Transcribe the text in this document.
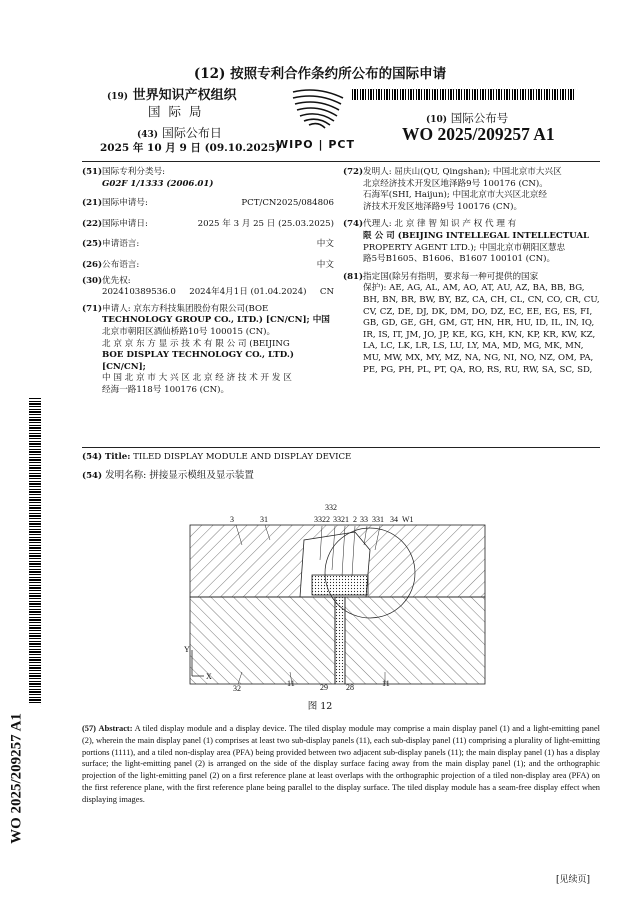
(12) 按照专利合作条约所公布的国际申请
(19) 世界知识产权组织
国 际 局
(43) 国际公布日
2025 年 10 月 9 日 (09.10.2025)
WIPO | PCT
(10) 国际公布号
WO 2025/209257 A1
(51) 国际专利分类号:
G02F 1/1333 (2006.01)
(21)国际申请号:	PCT/CN2025/084806
(22)国际申请日:	2025 年 3 月 25 日 (25.03.2025)
(25)申请语言:	中文
(26)公布语言:	中文
(30) 优先权:
202410389536.0 2024年4月1日 (01.04.2024) CN
(71) 申请人: 京东方科技集团股份有限公司(BOE
TECHNOLOGY GROUP CO., LTD.) [CN/CN]; 中国
北京市朝阳区酒仙桥路10号 100015 (CN)。
北 京 京 东 方 显 示 技 术 有 限 公 司 (BEIJING
BOE DISPLAY TECHNOLOGY CO., LTD.) [CN/CN];
中 国 北 京 市 大 兴 区 北 京 经 济 技 术 开 发 区
经海一路118号 100176 (CN)。
(72) 发明人: 屈庆山(QU, Qingshan); 中国北京市大兴区
北京经济技术开发区地泽路9号 100176 (CN)。
石海军(SHI, Haijun); 中国北京市大兴区北京经
济技术开发区地泽路9号 100176 (CN)。
(74) 代理人: 北 京 律 智 知 识 产 权 代 理 有
限 公 司 (BEIJING INTELLEGAL INTELLECTUAL
PROPERTY AGENT LTD.); 中国北京市朝阳区慧忠
路5号B1605、B1606、B1607 100101 (CN)。
(81) 指定国(除另有指明，要求每一种可提供的国家
保护): AE, AG, AL, AM, AO, AT, AU, AZ, BA, BB, BG,
BH, BN, BR, BW, BY, BZ, CA, CH, CL, CN, CO, CR, CU,
CV, CZ, DE, DJ, DK, DM, DO, DZ, EC, EE, EG, ES, FI,
GB, GD, GE, GH, GM, GT, HN, HR, HU, ID, IL, IN, IQ,
IR, IS, IT, JM, JO, JP, KE, KG, KH, KN, KP, KR, KW, KZ,
LA, LC, LK, LR, LS, LU, LY, MA, MD, MG, MK, MN,
MU, MW, MX, MY, MZ, NA, NG, NI, NO, NZ, OM, PA,
PE, PG, PH, PL, PT, QA, RO, RS, RU, RW, SA, SC, SD,
(54) Title: TILED DISPLAY MODULE AND DISPLAY DEVICE
(54) 发明名称: 拼接显示模组及显示装置
332
3322 3321 2 33 331 34 W1
3	31
32
11	11
29 28
Y
X
图 12
(57) Abstract: A tiled display module and a display device. The tiled display module may comprise a main display panel (1) and a light-emitting panel (2), wherein the main display panel (1) comprises at least two sub-display panels (11), each sub-display panel (11) comprising a plurality of light-emitting portions (1111), and a tiled non-display area (PFA) being provided between two adjacent sub-display panels (11); the main display panel (1) has a display surface; the light-emitting panel (2) is arranged on the side of the display surface facing away from the main display panel (1); and the orthographic projection of the light-emitting panel (2) on a first reference plane at least overlaps with the orthographic projection of a tiled non-display area (PFA) on the first reference plane, with the first reference plane being parallel to the display surface. The tiled display module has a seam-free display effect when displaying images.
WO 2025/209257 A1
[见续页]
